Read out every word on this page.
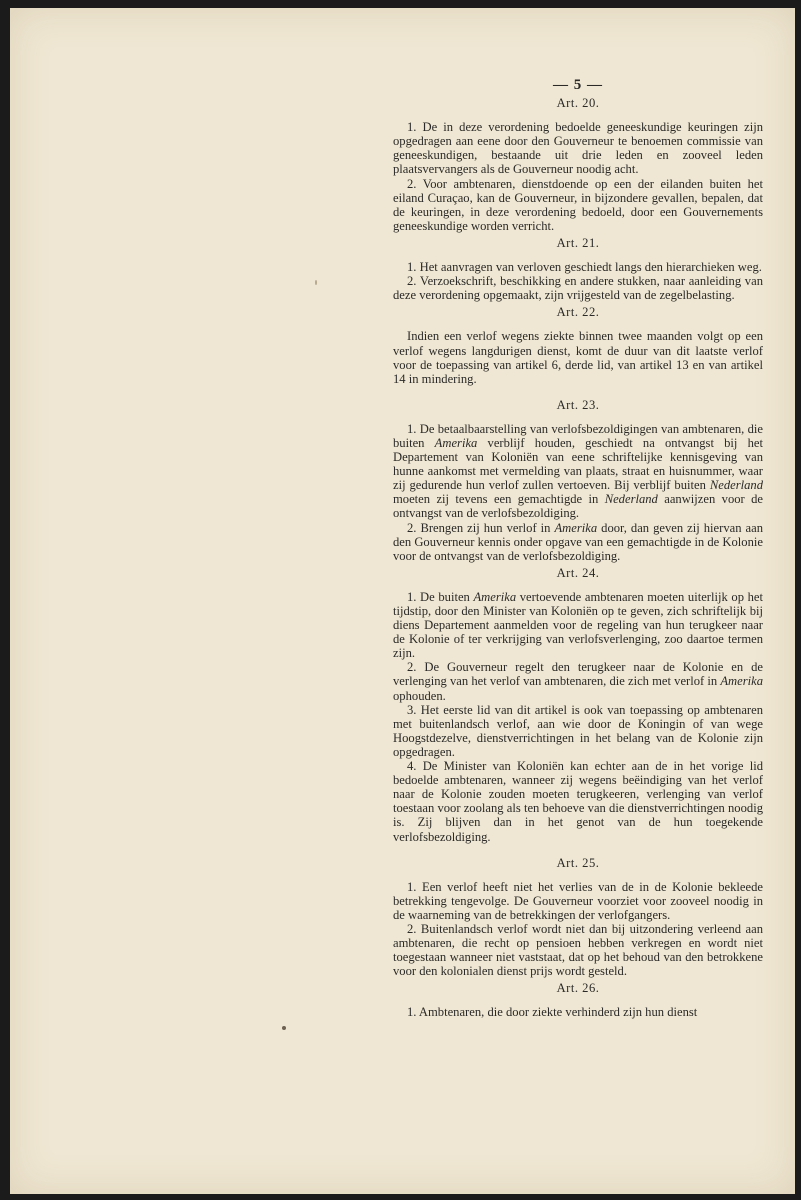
— 5 —
Art. 20.

1. De in deze verordening bedoelde geneeskundige keuringen zijn opgedragen aan eene door den Gouverneur te benoemen commissie van geneeskundigen, bestaande uit drie leden en zooveel leden plaatsvervangers als de Gouverneur noodig acht.

2. Voor ambtenaren, dienstdoende op een der eilanden buiten het eiland Curaçao, kan de Gouverneur, in bijzondere gevallen, bepalen, dat de keuringen, in deze verordening bedoeld, door een Gouvernements geneeskundige worden verricht.

Art. 21.

1. Het aanvragen van verloven geschiedt langs den hierarchieken weg.

2. Verzoekschrift, beschikking en andere stukken, naar aanleiding van deze verordening opgemaakt, zijn vrijgesteld van de zegelbelasting.

Art. 22.

Indien een verlof wegens ziekte binnen twee maanden volgt op een verlof wegens langdurigen dienst, komt de duur van dit laatste verlof voor de toepassing van artikel 6, derde lid, van artikel 13 en van artikel 14 in mindering.

Art. 23.

1. De betaalbaarstelling van verlofsbezoldigingen van ambtenaren, die buiten Amerika verblijf houden, geschiedt na ontvangst bij het Departement van Koloniën van eene schriftelijke kennisgeving van hunne aankomst met vermelding van plaats, straat en huisnummer, waar zij gedurende hun verlof zullen vertoeven. Bij verblijf buiten Nederland moeten zij tevens een gemachtigde in Nederland aanwijzen voor de ontvangst van de verlofsbezoldiging.

2. Brengen zij hun verlof in Amerika door, dan geven zij hiervan aan den Gouverneur kennis onder opgave van een gemachtigde in de Kolonie voor de ontvangst van de verlofsbezoldiging.

Art. 24.

1. De buiten Amerika vertoevende ambtenaren moeten uiterlijk op het tijdstip, door den Minister van Koloniën op te geven, zich schriftelijk bij diens Departement aanmelden voor de regeling van hun terugkeer naar de Kolonie of ter verkrijging van verlofsverlenging, zoo daartoe termen zijn.

2. De Gouverneur regelt den terugkeer naar de Kolonie en de verlenging van het verlof van ambtenaren, die zich met verlof in Amerika ophouden.

3. Het eerste lid van dit artikel is ook van toepassing op ambtenaren met buitenlandsch verlof, aan wie door de Koningin of van wege Hoogstdezelve, dienstverrichtingen in het belang van de Kolonie zijn opgedragen.

4. De Minister van Koloniën kan echter aan de in het vorige lid bedoelde ambtenaren, wanneer zij wegens beëindiging van het verlof naar de Kolonie zouden moeten terugkeeren, verlenging van verlof toestaan voor zoolang als ten behoeve van die dienstverrichtingen noodig is. Zij blijven dan in het genot van de hun toegekende verlofsbezoldiging.

Art. 25.

1. Een verlof heeft niet het verlies van de in de Kolonie bekleede betrekking tengevolge. De Gouverneur voorziet voor zooveel noodig in de waarneming van de betrekkingen der verlofgangers.

2. Buitenlandsch verlof wordt niet dan bij uitzondering verleend aan ambtenaren, die recht op pensioen hebben verkregen en wordt niet toegestaan wanneer niet vaststaat, dat op het behoud van den betrokkene voor den kolonialen dienst prijs wordt gesteld.

Art. 26.

1. Ambtenaren, die door ziekte verhinderd zijn hun dienst
